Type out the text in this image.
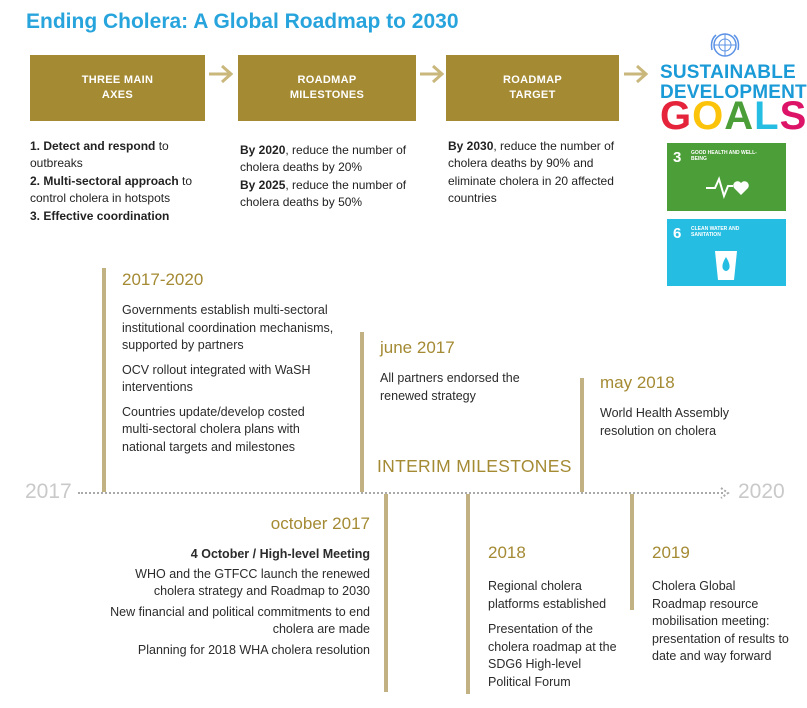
Ending Cholera: A Global Roadmap to 2030
THREE MAIN
AXES
ROADMAP
MILESTONES
ROADMAP
TARGET
1. Detect and respond to outbreaks
2. Multi-sectoral approach to control cholera in hotspots
3. Effective coordination
By 2020, reduce the number of cholera deaths by 20%
By 2025, reduce the number of cholera deaths by 50%
By 2030, reduce the number of cholera deaths by 90% and eliminate cholera in 20 affected countries
SUSTAINABLE
DEVELOPMENT
GOALS
3 GOOD HEALTH AND WELL-BEING
6 CLEAN WATER AND SANITATION
2017	2020
INTERIM MILESTONES
2017-2020
Governments establish multi-sectoral institutional coordination mechanisms, supported by partners
OCV rollout integrated with WaSH interventions
Countries update/develop costed multi-sectoral cholera plans with national targets and milestones
june 2017
All partners endorsed the renewed strategy
may 2018
World Health Assembly resolution on cholera
october 2017
4 October / High-level Meeting
WHO and the GTFCC launch the renewed cholera strategy and Roadmap to 2030
New financial and political commitments to end cholera are made
Planning for 2018 WHA cholera resolution
2018
Regional cholera platforms established
Presentation of the cholera roadmap at the SDG6 High-level Political Forum
2019
Cholera Global Roadmap resource mobilisation meeting: presentation of results to date and way forward
